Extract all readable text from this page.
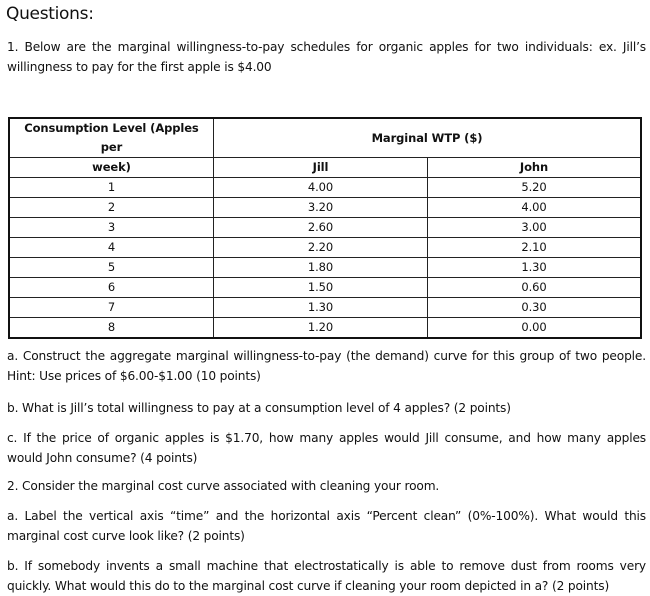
Questions:
1. Below are the marginal willingness-to-pay schedules for organic apples for two individuals: ex. Jill’s willingness to pay for the first apple is $4.00
Consumption Level (Apples per	Marginal WTP ($)	
week)	Jill	John
1	4.00	5.20
2	3.20	4.00
3	2.60	3.00
4	2.20	2.10
5	1.80	1.30
6	1.50	0.60
7	1.30	0.30
8	1.20	0.00
a. Construct the aggregate marginal willingness-to-pay (the demand) curve for this group of two people. Hint: Use prices of $6.00-$1.00 (10 points)
b. What is Jill’s total willingness to pay at a consumption level of 4 apples? (2 points)
c. If the price of organic apples is $1.70, how many apples would Jill consume, and how many apples would John consume? (4 points)
2. Consider the marginal cost curve associated with cleaning your room.
a. Label the vertical axis “time” and the horizontal axis “Percent clean” (0%-100%). What would this marginal cost curve look like? (2 points)
b. If somebody invents a small machine that electrostatically is able to remove dust from rooms very quickly. What would this do to the marginal cost curve if cleaning your room depicted in a? (2 points)
